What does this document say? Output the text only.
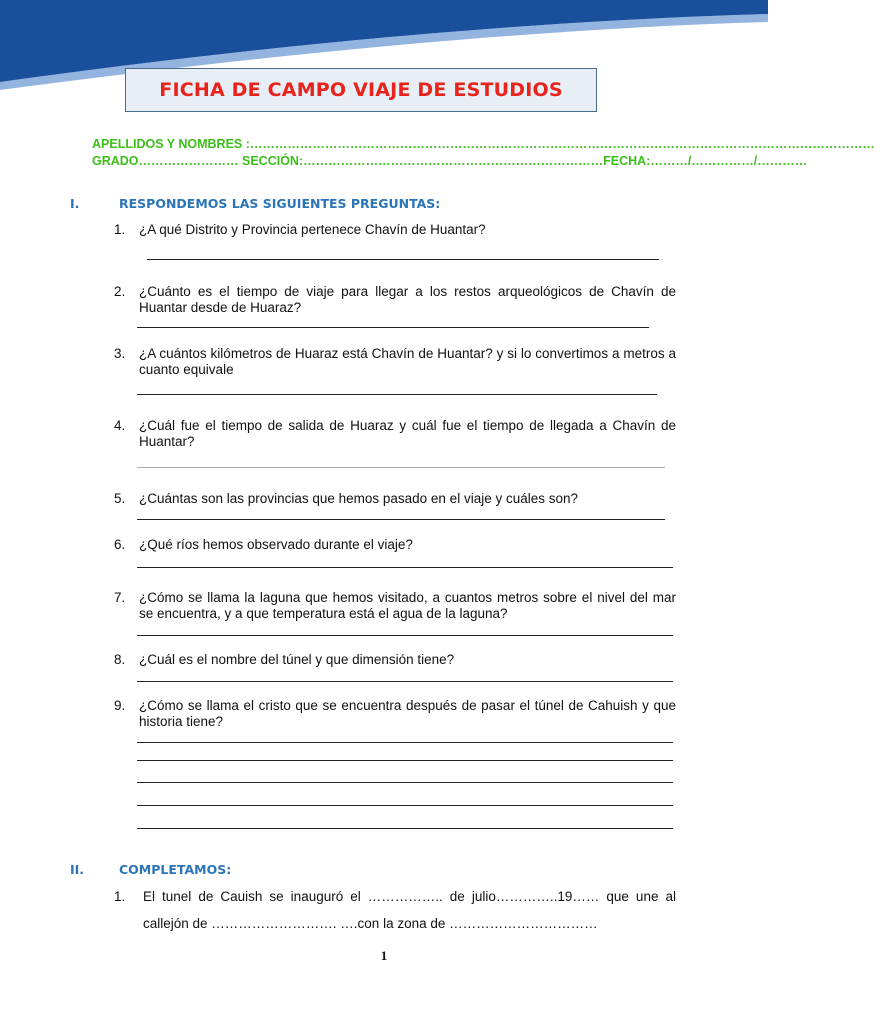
FICHA DE CAMPO VIAJE DE ESTUDIOS
APELLIDOS Y NOMBRES :……………………………………………………………………………………………………………………………………
GRADO…………………… SECCIÓN:………………………………………………………………FECHA:………/……………/…………
I.	RESPONDEMOS LAS SIGUIENTES PREGUNTAS:
1.	¿A qué Distrito y Provincia pertenece Chavín de Huantar?
2.	¿Cuánto es el tiempo de viaje para llegar a los restos arqueológicos de Chavín de Huantar desde de Huaraz?
3.	¿A cuántos kilómetros de Huaraz está Chavín de Huantar? y si lo convertimos a metros a cuanto equivale
4.	¿Cuál fue el tiempo de salida de Huaraz y cuál fue el tiempo de llegada a Chavín de Huantar?
5.	¿Cuántas son las provincias que hemos pasado en el viaje y cuáles son?
6.	¿Qué ríos hemos observado durante el viaje?
7.	¿Cómo se llama la laguna que hemos visitado, a cuantos metros sobre el nivel del mar se encuentra, y a que temperatura está el agua de la laguna?
8.	¿Cuál es el nombre del túnel y que dimensión tiene?
9.	¿Cómo se llama el cristo que se encuentra después de pasar el túnel de Cahuish y que historia tiene?
II.	COMPLETAMOS:
1.	El tunel de Cauish se inauguró el …………….. de julio…………..19…… que une al callejón de ………………………. ….con la zona de ……………………………
1
